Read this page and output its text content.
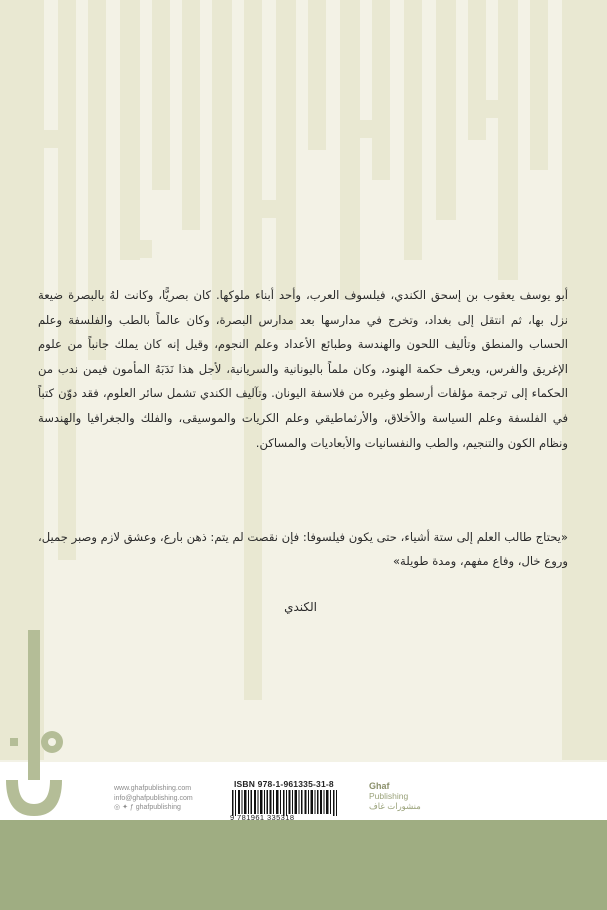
أبو يوسف يعقوب بن إسحق الكندي، فيلسوف العرب، وأحد أبناء ملوكها. كان بصريًّا، وكانت لهُ بالبصرة ضيعة نزل بها، ثم انتقل إلى بغداد، وتخرج في مدارسها بعد مدارس البصرة، وكان عالماً بالطب والفلسفة وعلم الحساب والمنطق وتأليف اللحون والهندسة وطبائع الأعداد وعلم النجوم، وقيل إنه كان يملك جانباً من علوم الإغريق والفرس، ويعرف حكمة الهنود، وكان ملماً باليونانية والسريانية، لأجل هذا نَدَبَهُ المأمون فيمن ندب من الحكماء إلى ترجمة مؤلفات أرسطو وغيره من فلاسفة اليونان. وتآليف الكندي تشمل سائر العلوم، فقد دوّن كتباً في الفلسفة وعلم السياسة والأخلاق، والأرثماطيقي وعلم الكريات والموسيقى، والفلك والجغرافيا والهندسة ونظام الكون والتنجيم، والطب والنفسانيات والأبعاديات والمساكن.
«يحتاج طالب العلم إلى ستة أشياء، حتى يكون فيلسوفا: فإن نقصت لم يتم: ذهن بارع، وعشق لازم وصبر جميل، وروع خال، وفاع مفهم، ومدة طويلة»
الكندي
www.ghafpublishing.com
info@ghafpublishing.com
◎ ✦ ƒ ghafpublishing
ISBN 978-1-961335-31-8
9 781961 335318
Ghaf
Publishing
منشورات غاف
